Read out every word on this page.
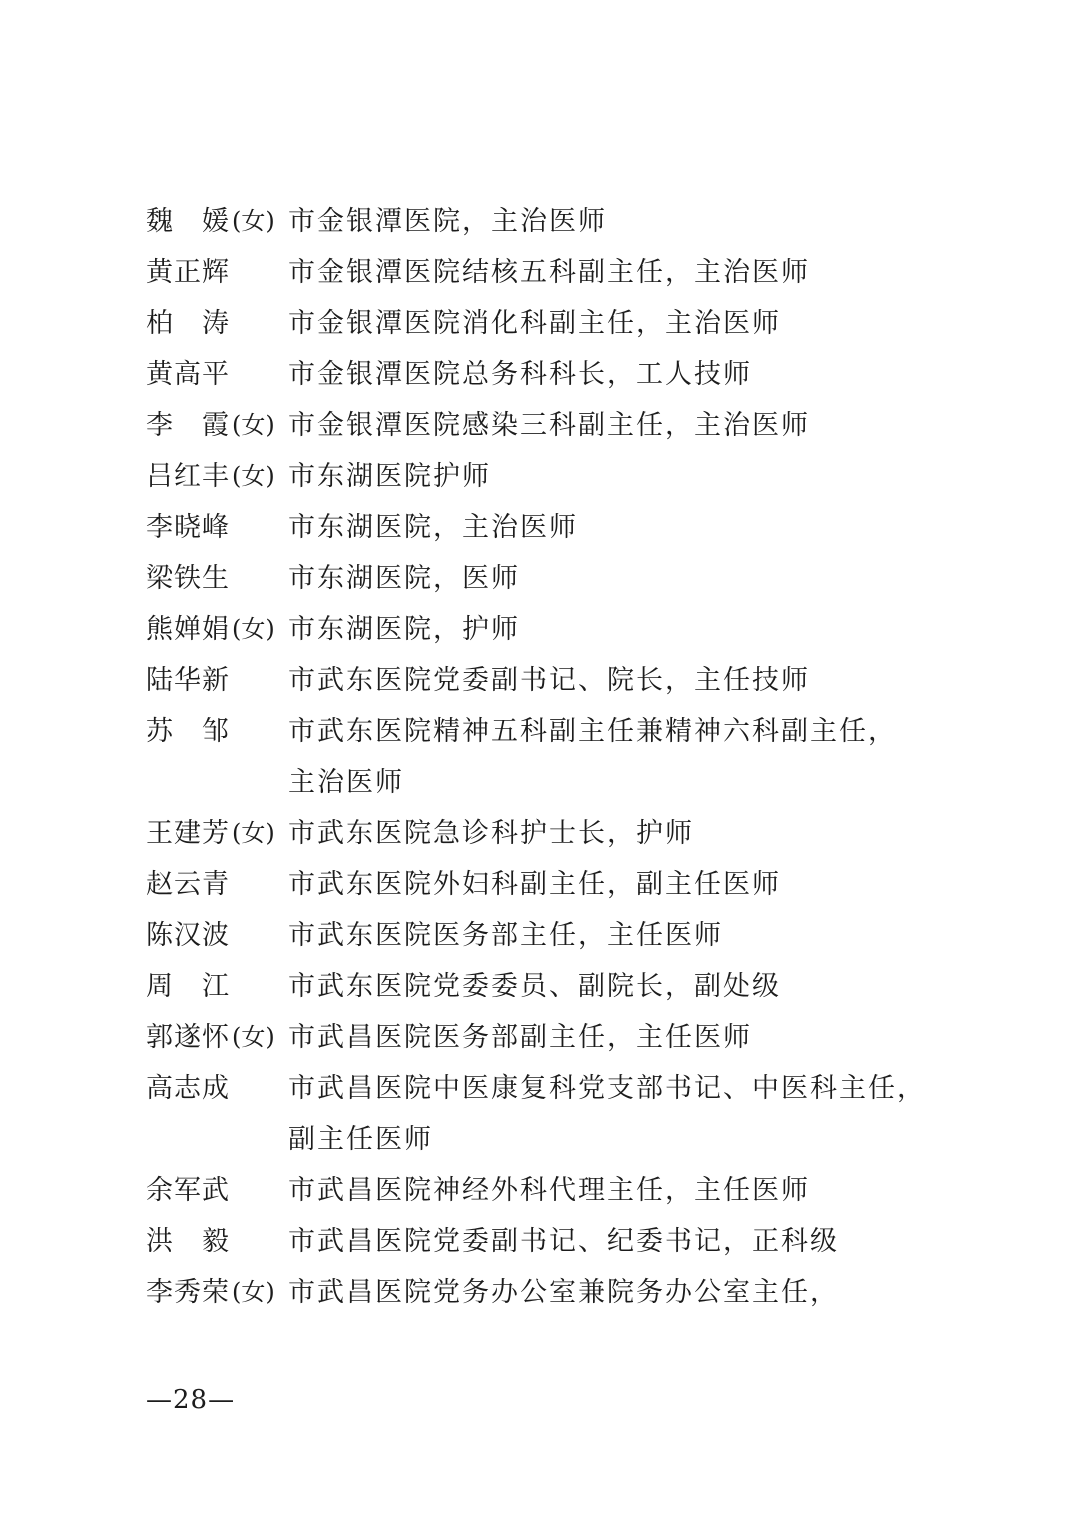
魏 媛 (女) 市金银潭医院，主治医师
黄正辉 市金银潭医院结核五科副主任，主治医师
柏 涛 市金银潭医院消化科副主任，主治医师
黄高平 市金银潭医院总务科科长，工人技师
李 霞 (女) 市金银潭医院感染三科副主任，主治医师
吕红丰 (女) 市东湖医院护师
李晓峰 市东湖医院，主治医师
梁铁生 市东湖医院，医师
熊婵娟 (女) 市东湖医院，护师
陆华新 市武东医院党委副书记、院长，主任技师
苏 邹 市武东医院精神五科副主任兼精神六科副主任，
主治医师
王建芳 (女) 市武东医院急诊科护士长，护师
赵云青 市武东医院外妇科副主任，副主任医师
陈汉波 市武东医院医务部主任，主任医师
周 江 市武东医院党委委员、副院长，副处级
郭遂怀 (女) 市武昌医院医务部副主任，主任医师
高志成 市武昌医院中医康复科党支部书记、中医科主任，
副主任医师
余军武 市武昌医院神经外科代理主任，主任医师
洪 毅 市武昌医院党委副书记、纪委书记，正科级
李秀荣 (女) 市武昌医院党务办公室兼院务办公室主任，
—28—
